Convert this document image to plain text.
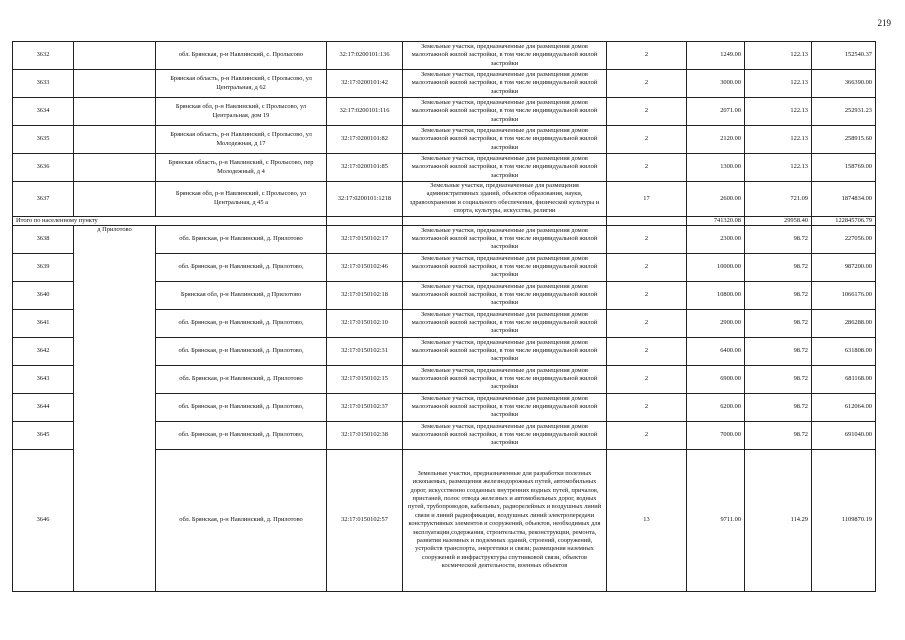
219
3632		обл. Брянская, р-н Навлинский, с. Пролысово	32:17:0200101:136	Земельные участки, предназначенные для размещения домов малоэтажной жилой застройки, в том числе индивидуальной жилой застройки	2	1249.00	122.13	152540.37
3633		Брянская область, р-н Навлинский, с Пролысово, ул Центральная, д 62	32:17:0200101:42	Земельные участки, предназначенные для размещения домов малоэтажной жилой застройки, в том числе индивидуальной жилой застройки	2	3000.00	122.13	366390.00
3634		Брянская обл, р-н Навлинский, с Пролысово, ул Центральная, дом 19	32:17:0200101:116	Земельные участки, предназначенные для размещения домов малоэтажной жилой застройки, в том числе индивидуальной жилой застройки	2	2071.00	122.13	252931.23
3635		Брянская область, р-н Навлинский, с Пролысово, ул Молодежная, д 17	32:17:0200101:82	Земельные участки, предназначенные для размещения домов малоэтажной жилой застройки, в том числе индивидуальной жилой застройки	2	2120.00	122.13	258915.60
3636		Брянская область, р-н Навлинский, с Пролысово, пер Молодежный, д 4	32:17:0200101:85	Земельные участки, предназначенные для размещения домов малоэтажной жилой застройки, в том числе индивидуальной жилой застройки	2	1300.00	122.13	158769.00
3637		Брянская обл, р-н Навлинский, с Пролысово, ул Центральная, д 45 а	32:17:0200101:1218	Земельные участки, предназначенные для размещения административных зданий, объектов образования, науки, здравоохранения и социального обеспечения, физической культуры и спорта, культуры, искусства, религии	17	2600.00	721.09	1874834.00
Итого по населенному пункту						741320.08	29958.40	122845706.79
3638	д Прилотово	обл. Брянская, р-н Навлинский, д. Прилотово	32:17:0150102:17	Земельные участки, предназначенные для размещения домов малоэтажной жилой застройки, в том числе индивидуальной жилой застройки	2	2300.00	98.72	227056.00
3639		обл. Брянская, р-н Навлинский, д. Прилотово,	32:17:0150102:46	Земельные участки, предназначенные для размещения домов малоэтажной жилой застройки, в том числе индивидуальной жилой застройки	2	10000.00	98.72	987200.00
3640		Брянская обл, р-н Навлинский, д Прилотово	32:17:0150102:18	Земельные участки, предназначенные для размещения домов малоэтажной жилой застройки, в том числе индивидуальной жилой застройки	2	10800.00	98.72	1066176.00
3641		обл. Брянская, р-н Навлинский, д. Прилотово,	32:17:0150102:10	Земельные участки, предназначенные для размещения домов малоэтажной жилой застройки, в том числе индивидуальной жилой застройки	2	2900.00	98.72	286288.00
3642		обл. Брянская, р-н Навлинский, д. Прилотово,	32:17:0150102:31	Земельные участки, предназначенные для размещения домов малоэтажной жилой застройки, в том числе индивидуальной жилой застройки	2	6400.00	98.72	631808.00
3643		обл. Брянская, р-н Навлинский, д. Прилотово	32:17:0150102:15	Земельные участки, предназначенные для размещения домов малоэтажной жилой застройки, в том числе индивидуальной жилой застройки	2	6900.00	98.72	681168.00
3644		обл. Брянская, р-н Навлинский, д. Прилотово,	32:17:0150102:37	Земельные участки, предназначенные для размещения домов малоэтажной жилой застройки, в том числе индивидуальной жилой застройки	2	6200.00	98.72	612064.00
3645		обл. Брянская, р-н Навлинский, д. Прилотово,	32:17:0150102:38	Земельные участки, предназначенные для размещения домов малоэтажной жилой застройки, в том числе индивидуальной жилой застройки	2	7000.00	98.72	691040.00
3646		обл. Брянская, р-н Навлинский, д. Прилотово	32:17:0150102:57	Земельные участки, предназначенные для разработки полезных ископаемых, размещения железнодорожных путей, автомобильных дорог, искусственно созданных внутренних водных путей, причалов, пристаней, полос отвода железных и автомобильных дорог, водных путей, трубопроводов, кабельных, радиорелейных и воздушных линий связи и линий радиофикации, воздушных линий электропередачи конструктивных элементов и сооружений, объектов, необходимых для эксплуатации,содержания, строительства, реконструкции, ремонта, развития наземных и подземных зданий, строений, сооружений, устройств транспорта, энергетики и связи; размещения наземных сооружений и инфраструктуры спутниковой связи, объектов космической деятельности, военных объектов	13	9711.00	114.29	1109870.19
